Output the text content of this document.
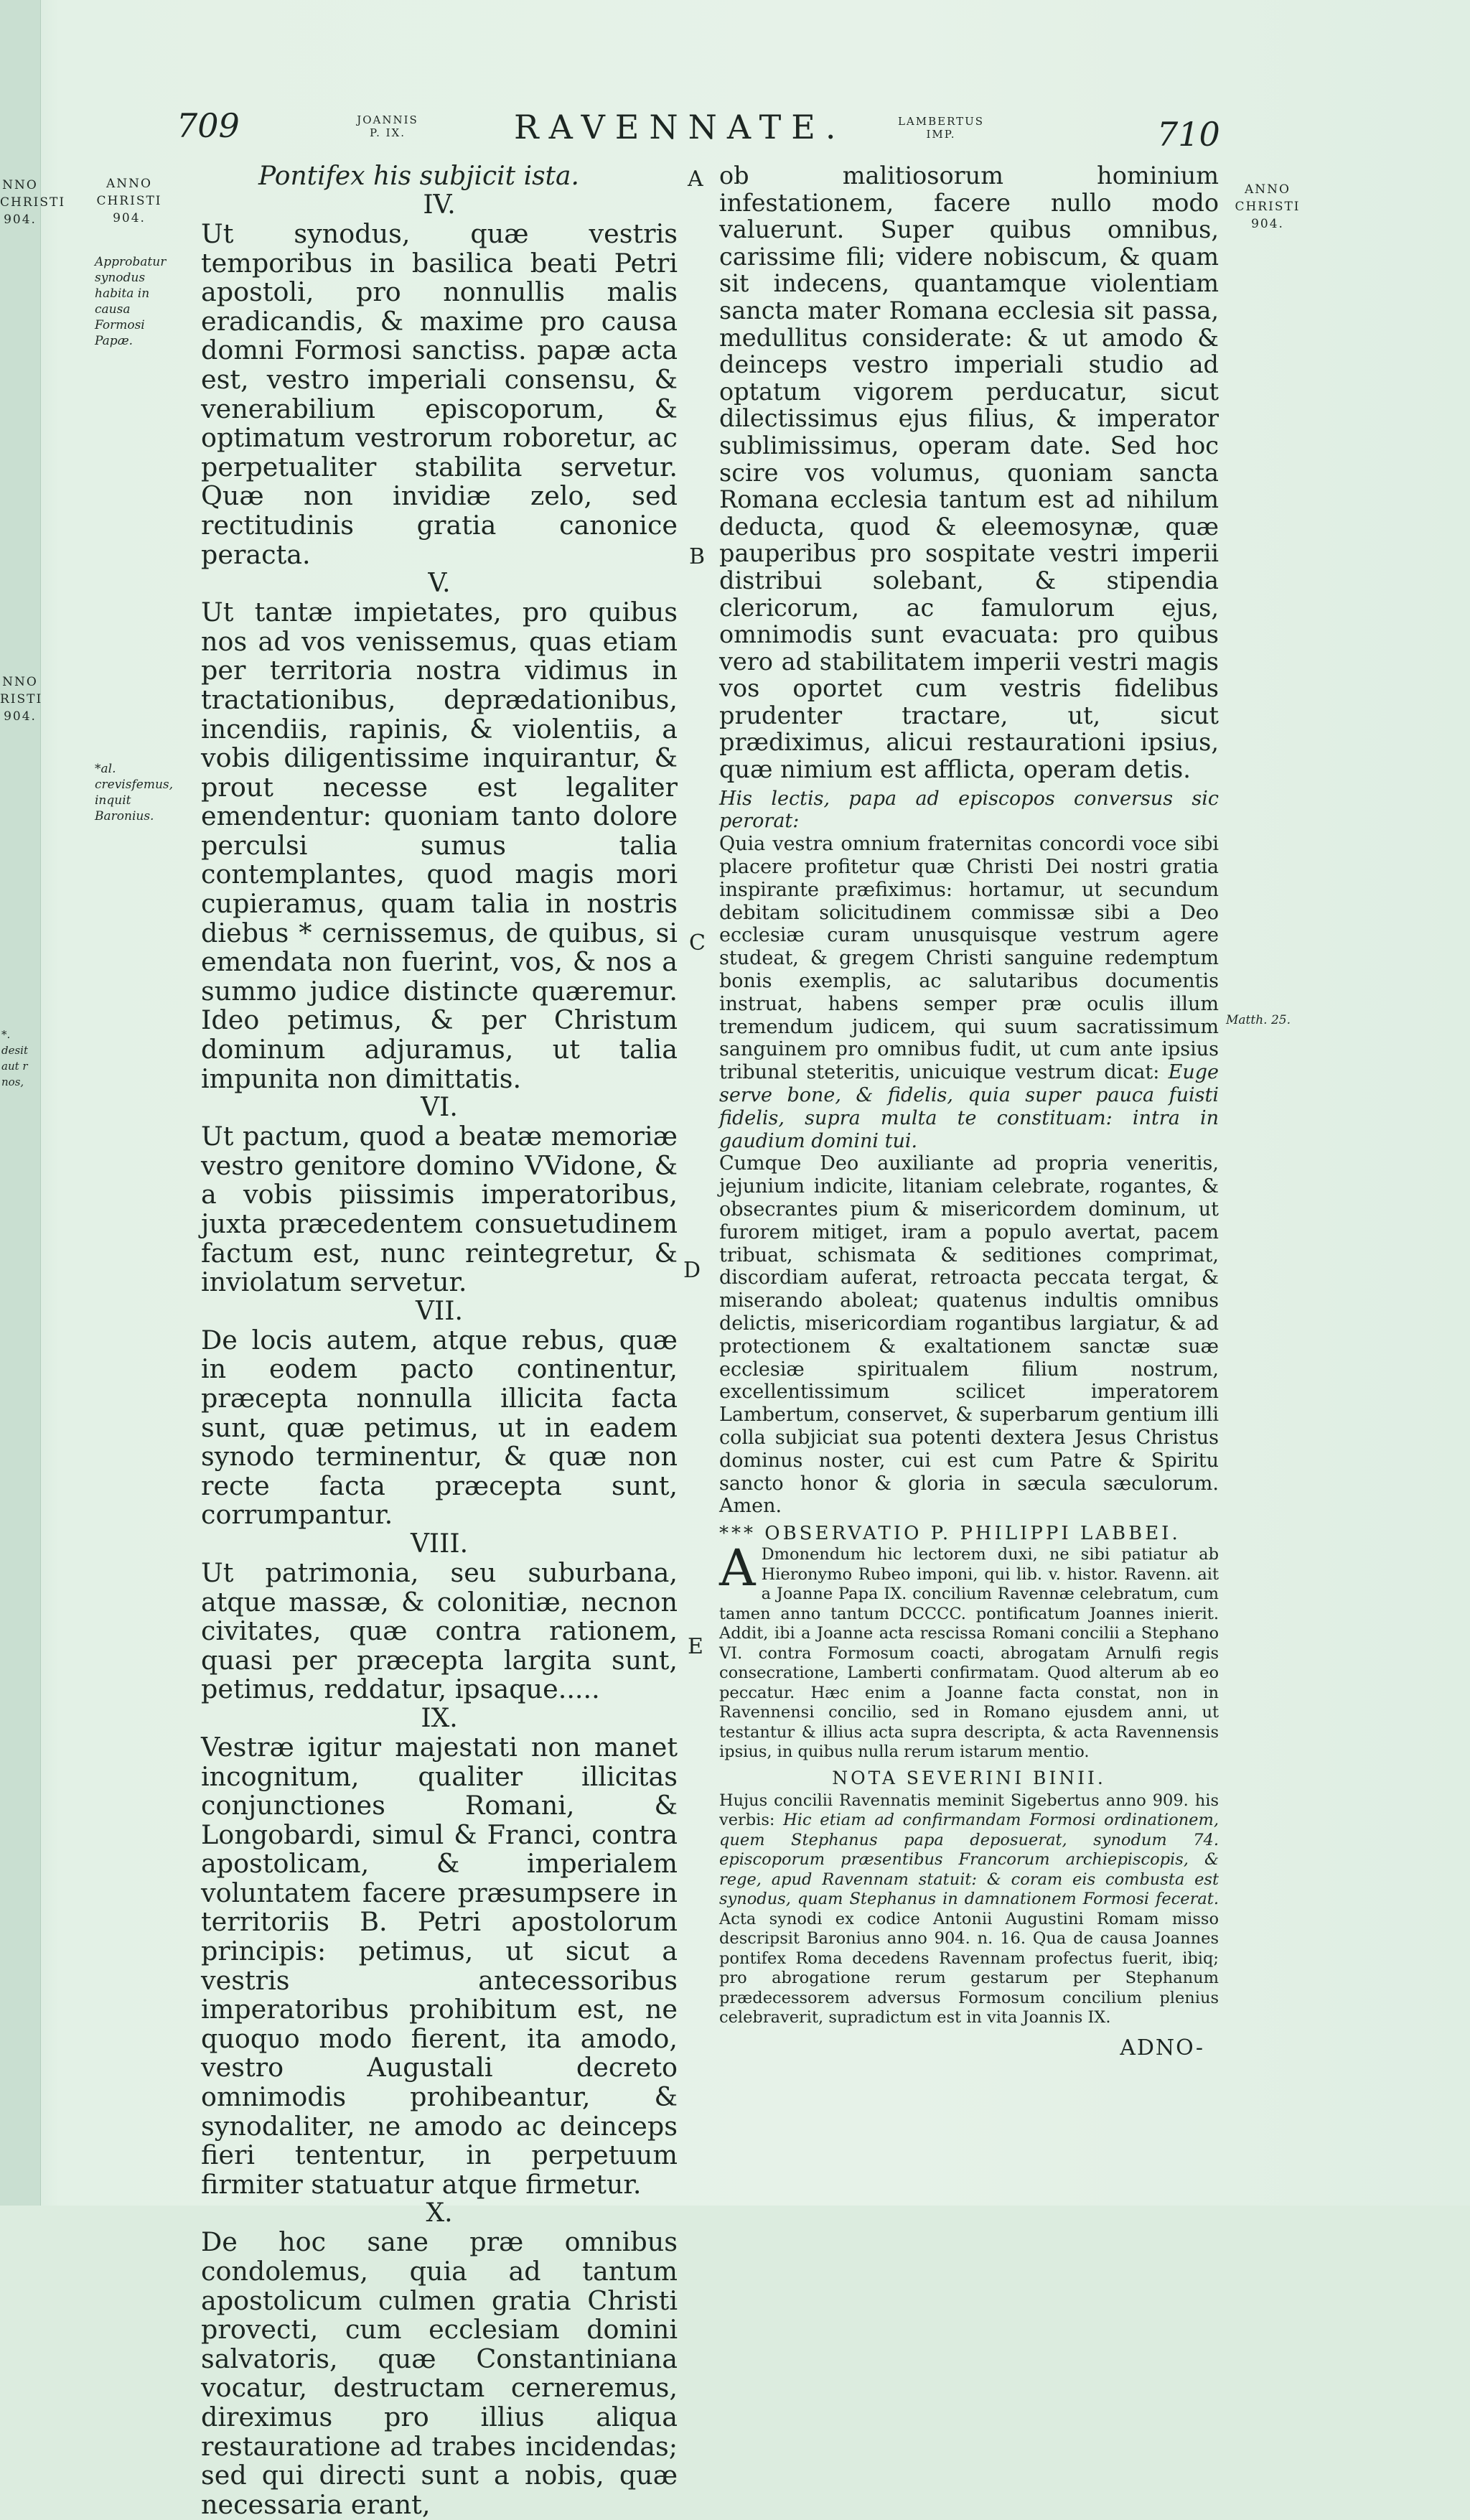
NNO CHRISTI 904.
NNO RISTI 904.
*. desit aut r nos,
709	JOANNIS
P. IX.	RAVENNATE.	LAMBERTUS
IMP.	710
ANNO
CHRISTI
904.
Approbatur synodus habita in causa Formosi Papæ.
*al. crevisfemus, inquit Baronius.
ANNO
CHRISTI
904.
Matth. 25.
A
B
C
D
E

Pontifex his subjicit ista.

IV.

Ut synodus, quæ vestris temporibus in basilica beati Petri apostoli, pro nonnullis malis eradicandis, & maxime pro causa domni Formosi sanctiss. papæ acta est, vestro imperiali consensu, & venerabilium episcoporum, & optimatum vestrorum roboretur, ac perpetualiter stabilita servetur. Quæ non invidiæ zelo, sed rectitudinis gratia canonice peracta.

V.

Ut tantæ impietates, pro quibus nos ad vos venissemus, quas etiam per territoria nostra vidimus in tractationibus, deprædationibus, incendiis, rapinis, & violentiis, a vobis diligentissime inquirantur, & prout necesse est legaliter emendentur: quoniam tanto dolore perculsi sumus talia contemplantes, quod magis mori cupieramus, quam talia in nostris diebus * cernissemus, de quibus, si emendata non fuerint, vos, & nos a summo judice distincte quæremur. Ideo petimus, & per Christum dominum adjuramus, ut talia impunita non dimittatis.

VI.

Ut pactum, quod a beatæ memoriæ vestro genitore domino VVidone, & a vobis piissimis imperatoribus, juxta præcedentem consuetudinem factum est, nunc reintegretur, & inviolatum servetur.

VII.

De locis autem, atque rebus, quæ in eodem pacto continentur, præcepta nonnulla illicita facta sunt, quæ petimus, ut in eadem synodo terminentur, & quæ non recte facta præcepta sunt, corrumpantur.

VIII.

Ut patrimonia, seu suburbana, atque massæ, & colonitiæ, necnon civitates, quæ contra rationem, quasi per præcepta largita sunt, petimus, reddatur, ipsaque.....

IX.

Vestræ igitur majestati non manet incognitum, qualiter illicitas conjunctiones Romani, & Longobardi, simul & Franci, contra apostolicam, & imperialem voluntatem facere præsumpsere in territoriis B. Petri apostolorum principis: petimus, ut sicut a vestris antecessoribus imperatoribus prohibitum est, ne quoquo modo fierent, ita amodo, vestro Augustali decreto omnimodis prohibeantur, & synodaliter, ne amodo ac deinceps fieri tententur, in perpetuum firmiter statuatur atque firmetur.

X.

De hoc sane præ omnibus condolemus, quia ad tantum apostolicum culmen gratia Christi provecti, cum ecclesiam domini salvatoris, quæ Constantiniana vocatur, destructam cerneremus, direximus pro illius aliqua restauratione ad trabes incidendas; sed qui directi sunt a nobis, quæ necessaria erant,

ob malitiosorum hominium infestationem, facere nullo modo valuerunt. Super quibus omnibus, carissime fili; videre nobiscum, & quam sit indecens, quantamque violentiam sancta mater Romana ecclesia sit passa, medullitus considerate: & ut amodo & deinceps vestro imperiali studio ad optatum vigorem perducatur, sicut dilectissimus ejus filius, & imperator sublimissimus, operam date. Sed hoc scire vos volumus, quoniam sancta Romana ecclesia tantum est ad nihilum deducta, quod & eleemosynæ, quæ pauperibus pro sospitate vestri imperii distribui solebant, & stipendia clericorum, ac famulorum ejus, omnimodis sunt evacuata: pro quibus vero ad stabilitatem imperii vestri magis vos oportet cum vestris fidelibus prudenter tractare, ut, sicut prædiximus, alicui restaurationi ipsius, quæ nimium est afflicta, operam detis.

His lectis, papa ad episcopos conversus sic perorat:

Quia vestra omnium fraternitas concordi voce sibi placere profitetur quæ Christi Dei nostri gratia inspirante præfiximus: hortamur, ut secundum debitam solicitudinem commissæ sibi a Deo ecclesiæ curam unusquisque vestrum agere studeat, & gregem Christi sanguine redemptum bonis exemplis, ac salutaribus documentis instruat, habens semper præ oculis illum tremendum judicem, qui suum sacratissimum sanguinem pro omnibus fudit, ut cum ante ipsius tribunal steteritis, unicuique vestrum dicat: Euge serve bone, & fidelis, quia super pauca fuisti fidelis, supra multa te constituam: intra in gaudium domini tui.

Cumque Deo auxiliante ad propria veneritis, jejunium indicite, litaniam celebrate, rogantes, & obsecrantes pium & misericordem dominum, ut furorem mitiget, iram a populo avertat, pacem tribuat, schismata & seditiones comprimat, discordiam auferat, retroacta peccata tergat, & miserando aboleat; quatenus indultis omnibus delictis, misericordiam rogantibus largiatur, & ad protectionem & exaltationem sanctæ suæ ecclesiæ spiritualem filium nostrum, excellentissimum scilicet imperatorem Lambertum, conservet, & superbarum gentium illi colla subjiciat sua potenti dextera Jesus Christus dominus noster, cui est cum Patre & Spiritu sancto honor & gloria in sæcula sæculorum. Amen.

*** OBSERVATIO P. PHILIPPI LABBEI.

A Dmonendum hic lectorem duxi, ne sibi patiatur ab Hieronymo Rubeo imponi, qui lib. v. histor. Ravenn. ait a Joanne Papa IX. concilium Ravennæ celebratum, cum tamen anno tantum DCCCC. pontificatum Joannes inierit. Addit, ibi a Joanne acta rescissa Romani concilii a Stephano VI. contra Formosum coacti, abrogatam Arnulfi regis consecratione, Lamberti confirmatam. Quod alterum ab eo peccatur. Hæc enim a Joanne facta constat, non in Ravennensi concilio, sed in Romano ejusdem anni, ut testantur & illius acta supra descripta, & acta Ravennensis ipsius, in quibus nulla rerum istarum mentio.

NOTA SEVERINI BINII.

Hujus concilii Ravennatis meminit Sigebertus anno 909. his verbis: Hic etiam ad confirmandam Formosi ordinationem, quem Stephanus papa deposuerat, synodum 74. episcoporum præsentibus Francorum archiepiscopis, & rege, apud Ravennam statuit: & coram eis combusta est synodus, quam Stephanus in damnationem Formosi fecerat. Acta synodi ex codice Antonii Augustini Romam misso descripsit Baronius anno 904. n. 16. Qua de causa Joannes pontifex Roma decedens Ravennam profectus fuerit, ibiq; pro abrogatione rerum gestarum per Stephanum prædecessorem adversus Formosum concilium plenius celebraverit, supradictum est in vita Joannis IX.

ADNO-
